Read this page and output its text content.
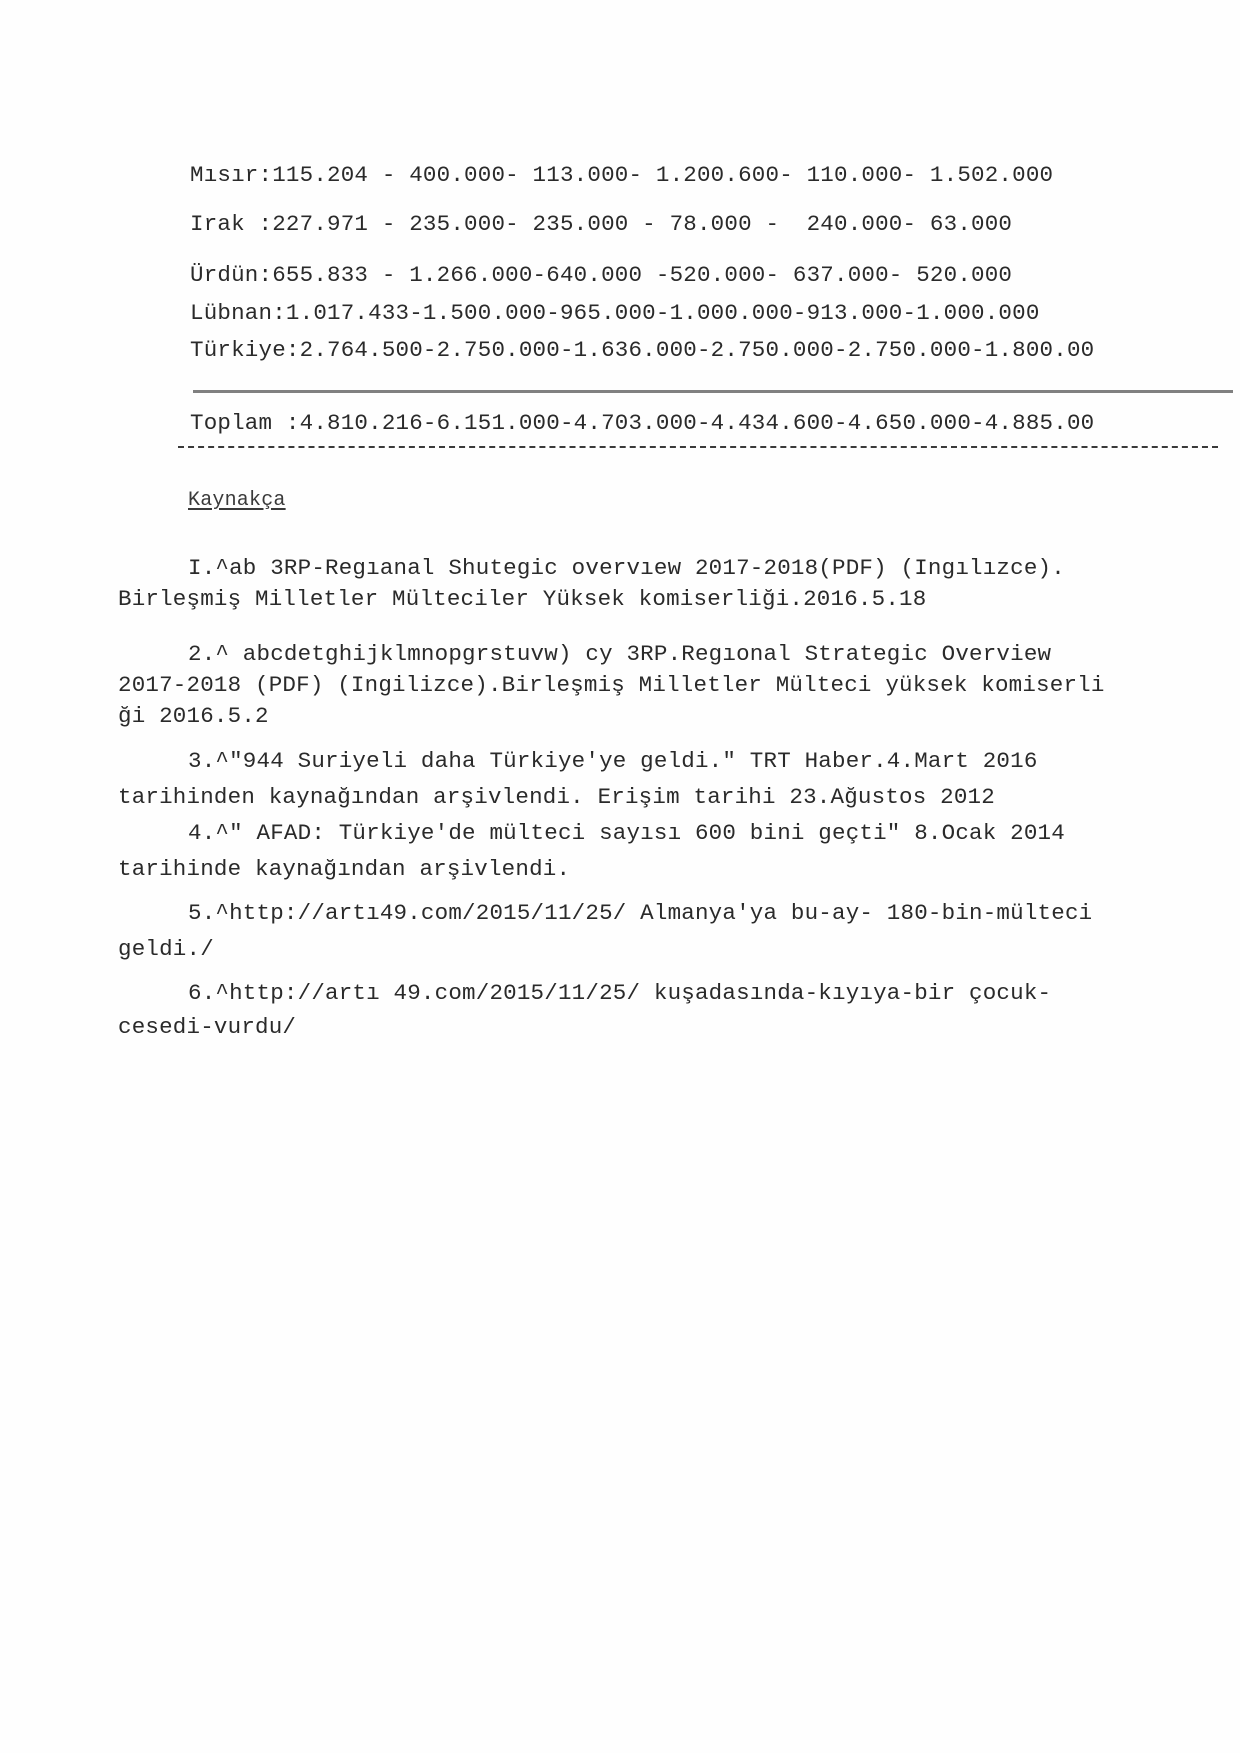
Mısır:115.204 - 400.000- 113.000- 1.200.600- 110.000- 1.502.000
Irak :227.971 - 235.000- 235.000 - 78.000 -  240.000- 63.000
Ürdün:655.833 - 1.266.000-640.000 -520.000- 637.000- 520.000
Lübnan:1.017.433-1.500.000-965.000-1.000.000-913.000-1.000.000
Türkiye:2.764.500-2.750.000-1.636.000-2.750.000-2.750.000-1.800.00
Toplam :4.810.216-6.151.000-4.703.000-4.434.600-4.650.000-4.885.00
Kaynakça
I.^ab 3RP-Regıanal Shutegic overvıew 2017-2018(PDF) (Ingılızce).
Birleşmiş Milletler Mülteciler Yüksek komiserliği.2016.5.18
2.^ abcdetghijklmnopgrstuvw) cy 3RP.Regıonal Strategic Overview
2017-2018 (PDF) (Ingilizce).Birleşmiş Milletler Mülteci yüksek komiserli
ği 2016.5.2
3.^"944 Suriyeli daha Türkiye'ye geldi." TRT Haber.4.Mart 2016
tarihinden kaynağından arşivlendi. Erişim tarihi 23.Ağustos 2012
4.^" AFAD: Türkiye'de mülteci sayısı 600 bini geçti" 8.Ocak 2014
tarihinde kaynağından arşivlendi.
5.^http://artı49.com/2015/11/25/ Almanya'ya bu-ay- 180-bin-mülteci
geldi./
6.^http://artı 49.com/2015/11/25/ kuşadasında-kıyıya-bir çocuk-
cesedi-vurdu/
